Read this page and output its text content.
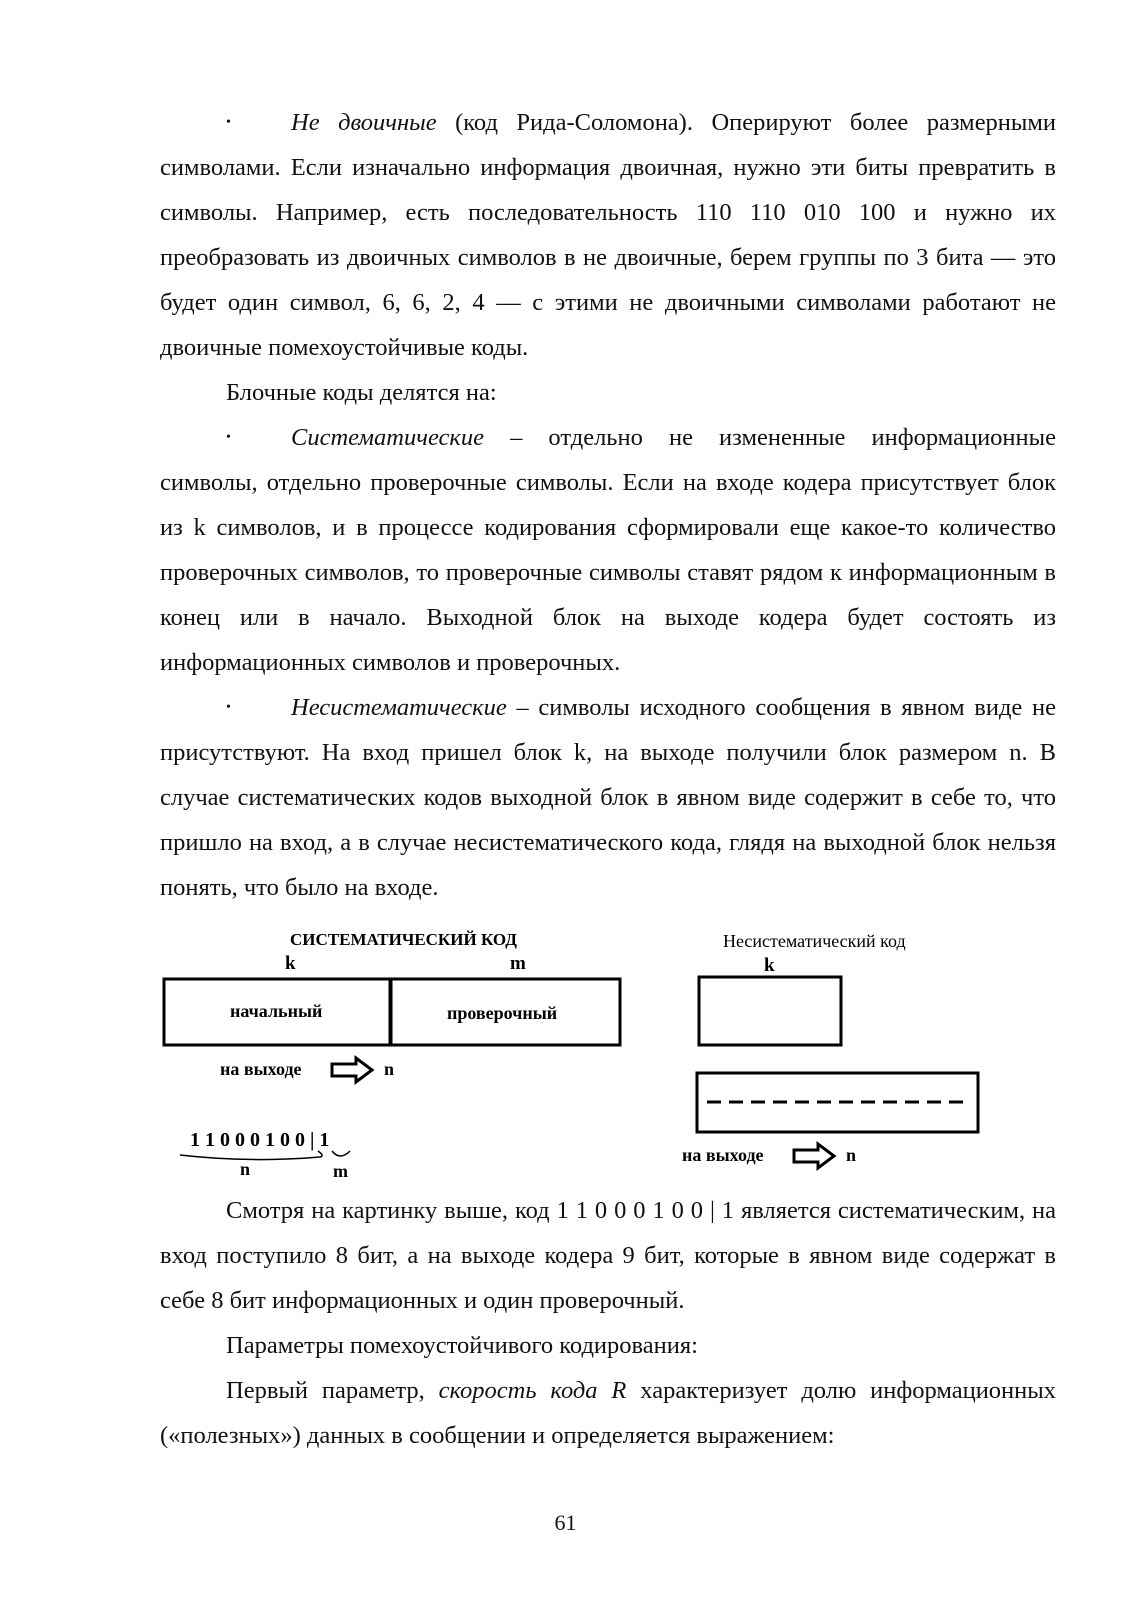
• Не двоичные (код Рида-Соломона). Оперируют более размерными символами. Если изначально информация двоичная, нужно эти биты превратить в символы. Например, есть последовательность 110 110 010 100 и нужно их преобразовать из двоичных символов в не двоичные, берем группы по 3 бита — это будет один символ, 6, 6, 2, 4 — с этими не двоичными символами работают не двоичные помехоустойчивые коды.

Блочные коды делятся на:

• Систематические – отдельно не измененные информационные символы, отдельно проверочные символы. Если на входе кодера присутствует блок из k символов, и в процессе кодирования сформировали еще какое-то количество проверочных символов, то проверочные символы ставят рядом к информационным в конец или в начало. Выходной блок на выходе кодера будет состоять из информационных символов и проверочных.

• Несистематические – символы исходного сообщения в явном виде не присутствуют. На вход пришел блок k, на выходе получили блок размером n. В случае систематических кодов выходной блок в явном виде содержит в себе то, что пришло на вход, а в случае несистематического кода, глядя на выходной блок нельзя понять, что было на входе.

СИСТЕМАТИЧЕСКИЙ КОД
k	m
начальный	проверочный
на выходе	n
1 1 0 0 0 1 0 0 | 1
n	m
Несистематический код
k
на выходе	n

Смотря на картинку выше, код 1 1 0 0 0 1 0 0 | 1 является систематическим, на вход поступило 8 бит, а на выходе кодера 9 бит, которые в явном виде содержат в себе 8 бит информационных и один проверочный.

Параметры помехоустойчивого кодирования:

Первый параметр, скорость кода R характеризует долю информационных («полезных») данных в сообщении и определяется выражением:

61
